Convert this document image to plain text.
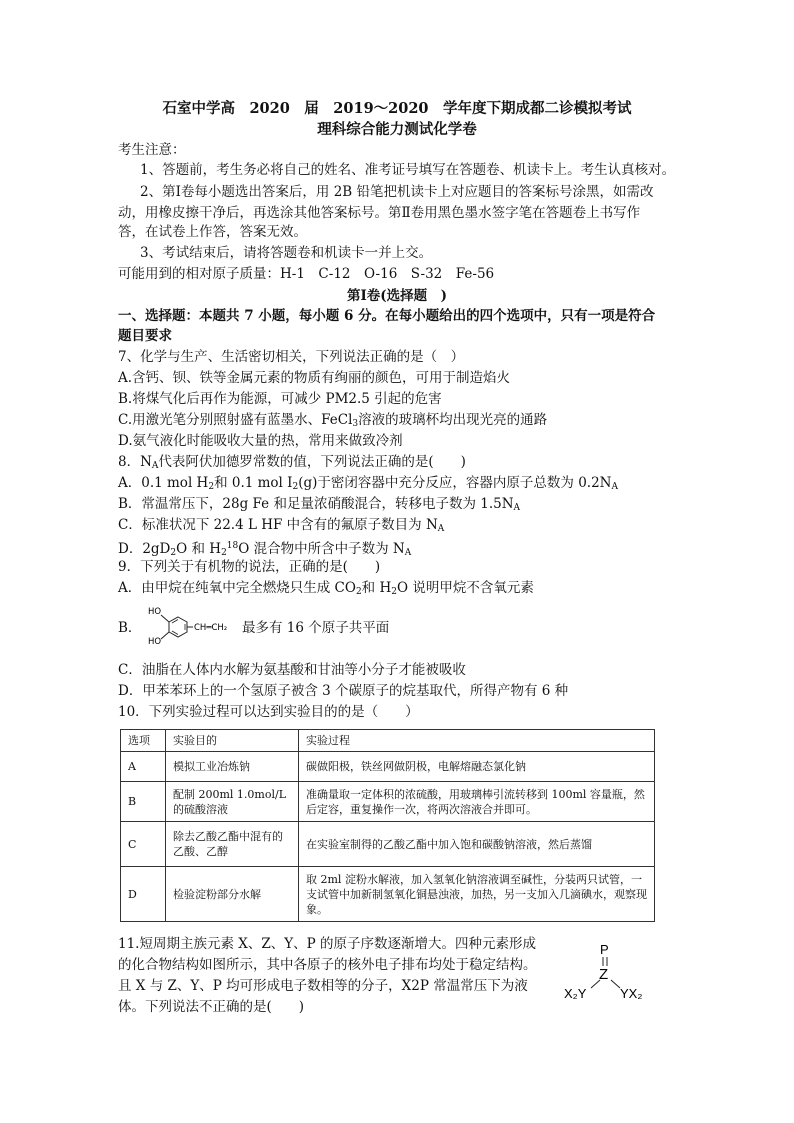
石室中学高　2020　届　2019～2020　学年度下期成都二诊模拟考试
理科综合能力测试化学卷
考生注意：
1、答题前，考生务必将自己的姓名、准考证号填写在答题卷、机读卡上。考生认真核对。
2、第Ⅰ卷每小题选出答案后，用 2B 铅笔把机读卡上对应题目的答案标号涂黑，如需改
动，用橡皮擦干净后，再选涂其他答案标号。第Ⅱ卷用黑色墨水签字笔在答题卷上书写作
答，在试卷上作答，答案无效。
3、考试结束后，请将答题卷和机读卡一并上交。
可能用到的相对原子质量：H-1　C-12　O-16　S-32　Fe-56
第Ⅰ卷(选择题　)
一、选择题：本题共 7 小题，每小题 6 分。在每小题给出的四个选项中，只有一项是符合
题目要求
7、化学与生产、生活密切相关，下列说法正确的是（　）
A.含钙、钡、铁等金属元素的物质有绚丽的颜色，可用于制造焰火
B.将煤气化后再作为能源，可减少 PM2.5 引起的危害
C.用激光笔分别照射盛有蓝墨水、FeCl$_3$溶液的玻璃杯均出现光亮的通路
D.氨气液化时能吸收大量的热，常用来做致冷剂
8．$N_A$代表阿伏加德罗常数的值，下列说法正确的是(　　)
A．0.1 mol $H_2$和 0.1 mol $I_2(g)$于密闭容器中充分反应，容器内原子总数为 $0.2N_A$
B．常温常压下，28g Fe 和足量浓硝酸混合，转移电子数为 $1.5N_A$
C．标准状况下 22.4 L HF 中含有的氟原子数目为 $N_A$
D．$2gD_2O$ 和 $H_2^{18}O$ 混合物中所含中子数为 $N_A$
9．下列关于有机物的说法，正确的是(　　)
A．由甲烷在纯氧中完全燃烧只生成 $CO_2$和 $H_2O$ 说明甲烷不含氧元素
B．
HO
HO
CH═CH₂ 最多有 16 个原子共平面
C．油脂在人体内水解为氨基酸和甘油等小分子才能被吸收
D．甲苯苯环上的一个氢原子被含 3 个碳原子的烷基取代，所得产物有 6 种
10．下列实验过程可以达到实验目的的是（　　）
选项	实验目的	实验过程
A	模拟工业冶炼钠	碳做阳极，铁丝网做阴极，电解熔融态氯化钠
B	配制 200ml 1.0mol/L 的硫酸溶液	准确量取一定体积的浓硫酸，用玻璃棒引流转移到 100ml 容量瓶，然后定容，重复操作一次，将两次溶液合并即可。
C	除去乙酸乙酯中混有的乙酸、乙醇	在实验室制得的乙酸乙酯中加入饱和碳酸钠溶液，然后蒸馏
D	检验淀粉部分水解	取 2ml 淀粉水解液，加入氢氧化钠溶液调至碱性，分装两只试管，一支试管中加新制氢氧化铜悬浊液，加热，另一支加入几滴碘水，观察现象。
11.短周期主族元素 X、Z、Y、P 的原子序数逐渐增大。四种元素形成
的化合物结构如图所示，其中各原子的核外电子排布均处于稳定结构。
且 X 与 Z、Y、P 均可形成电子数相等的分子，X2P 常温常压下为液
体。下列说法不正确的是(　　)
P
Z
X₂Y	YX₂
